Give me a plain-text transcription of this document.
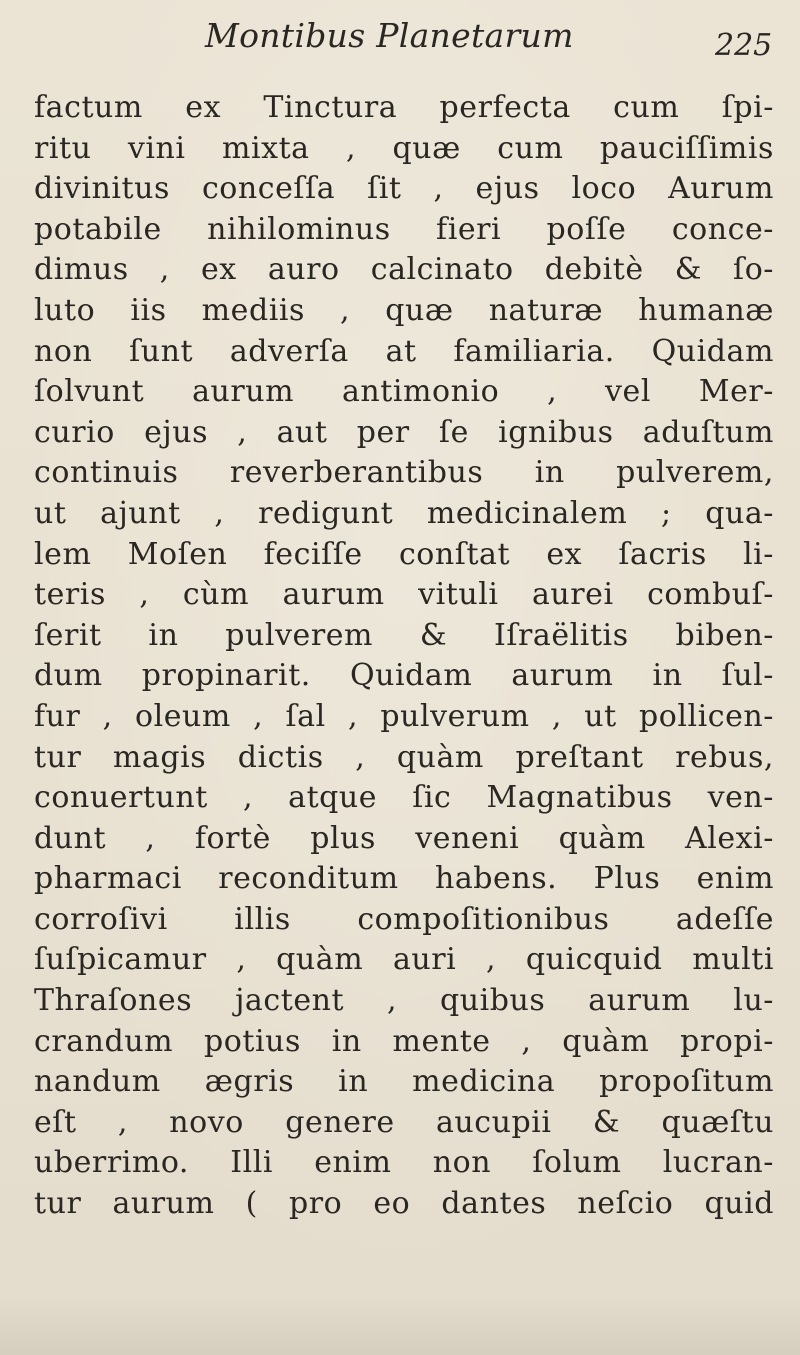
Montibus Planetarum	225
factum ex Tinctura perfecta cum ſpi-
ritu vini mixta , quæ cum pauciſſimis
divinitus conceſſa ſit , ejus loco Aurum
potabile nihilominus fieri poſſe conce-
dimus , ex auro calcinato debitè & ſo-
luto iis mediis , quæ naturæ humanæ
non ſunt adverſa at familiaria. Quidam
ſolvunt aurum antimonio , vel Mer-
curio ejus , aut per ſe ignibus aduſtum
continuis reverberantibus in pulverem,
ut ajunt , redigunt medicinalem ; qua-
lem Moſen feciſſe conſtat ex ſacris li-
teris , cùm aurum vituli aurei combuſ-
ſerit in pulverem & Iſraëlitis biben-
dum propinarit. Quidam aurum in ſul-
fur , oleum , ſal , pulverum , ut pollicen-
tur magis dictis , quàm preſtant rebus,
conuertunt , atque ſic Magnatibus ven-
dunt , fortè plus veneni quàm Alexi-
pharmaci reconditum habens. Plus enim
corroſivi illis compoſitionibus adeſſe
ſuſpicamur , quàm auri , quicquid multi
Thraſones jactent , quibus aurum lu-
crandum potius in mente , quàm propi-
nandum ægris in medicina propoſitum
eſt , novo genere aucupii & quæſtu
uberrimo. Illi enim non ſolum lucran-
tur aurum ( pro eo dantes neſcio quid
